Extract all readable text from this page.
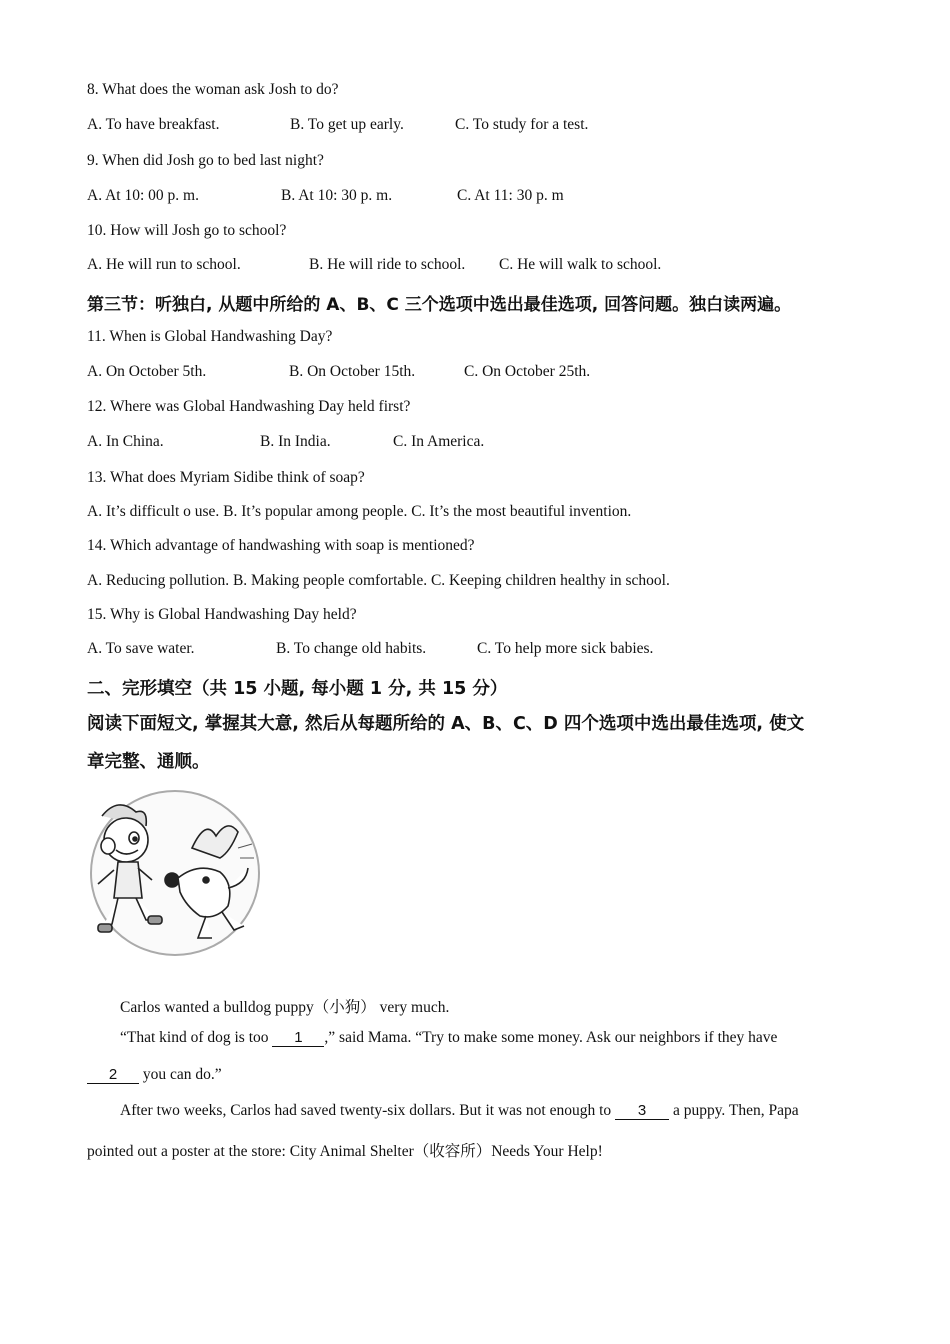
8. What does the woman ask Josh to do?
A. To have breakfast.	B. To get up early.	C. To study for a test.
9. When did Josh go to bed last night?
A. At 10: 00 p. m.	B. At 10: 30 p. m.	C. At 11: 30 p. m
10. How will Josh go to school?
A. He will run to school.	B. He will ride to school. C. He will walk to school.
第三节：听独白, 从题中所给的 A、B、C 三个选项中选出最佳选项, 回答问题。独白读两遍。
11. When is Global Handwashing Day?
A. On October 5th.	B. On October 15th.	C. On October 25th.
12. Where was Global Handwashing Day held first?
A. In China.	B. In India.	C. In America.
13. What does Myriam Sidibe think of soap?
A. It’s difficult o use. B. It’s popular among people. C. It’s the most beautiful invention.
14. Which advantage of handwashing with soap is mentioned?
A. Reducing pollution. B. Making people comfortable. C. Keeping children healthy in school.
15. Why is Global Handwashing Day held?
A. To save water.	B. To change old habits.	C. To help more sick babies.
二、完形填空（共 15 小题, 每小题 1 分, 共 15 分）
阅读下面短文, 掌握其大意, 然后从每题所给的 A、B、C、D 四个选项中选出最佳选项, 使文
章完整、通顺。
Carlos wanted a bulldog puppy（小狗） very much.
“That kind of dog is too 1 ,” said Mama. “Try to make some money. Ask our neighbors if they have
2 you can do.”
After two weeks, Carlos had saved twenty-six dollars. But it was not enough to 3 a puppy. Then, Papa
pointed out a poster at the store: City Animal Shelter（收容所）Needs Your Help!
